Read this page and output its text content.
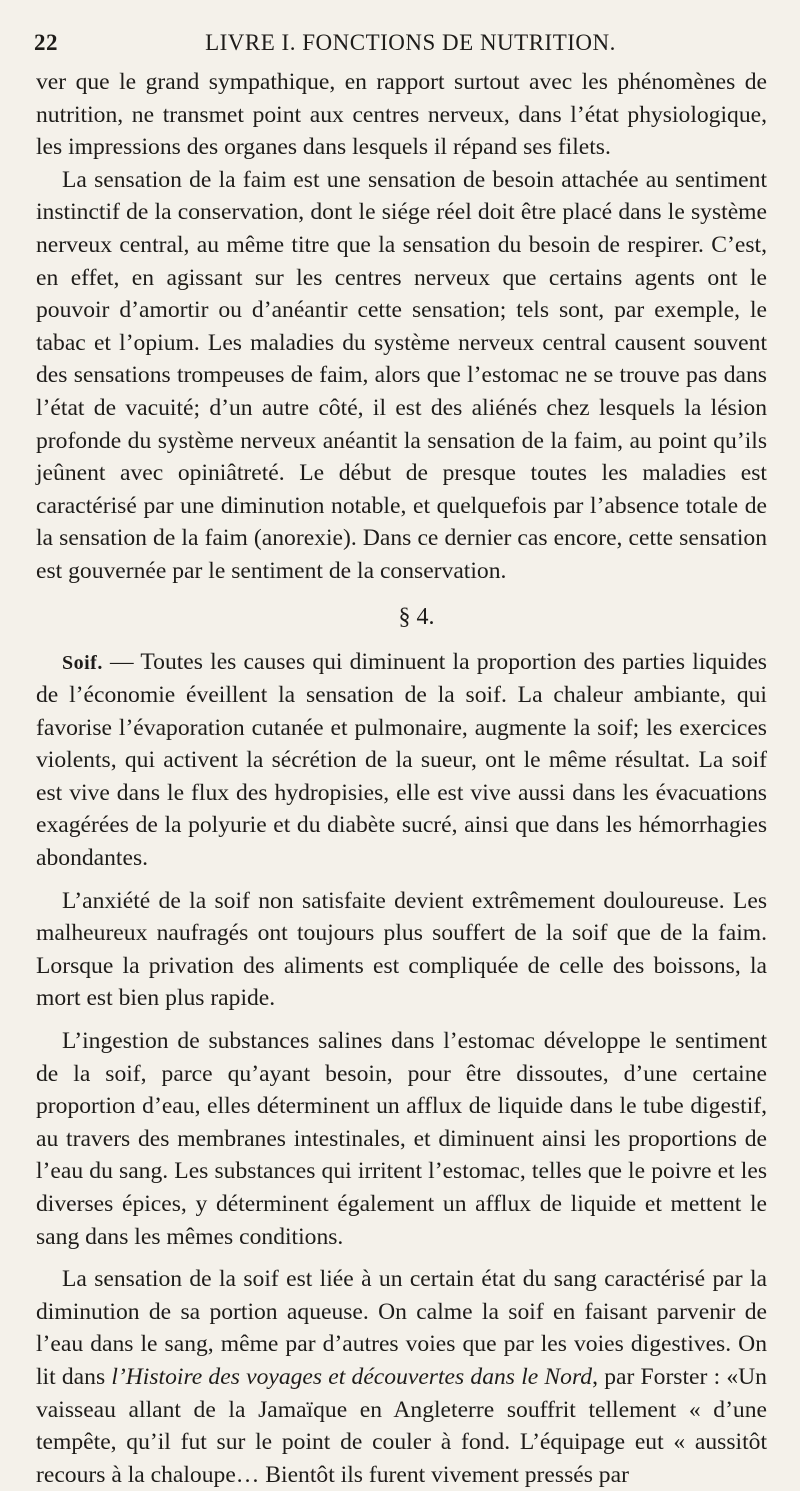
22	LIVRE I. FONCTIONS DE NUTRITION.

ver que le grand sympathique, en rapport surtout avec les phénomènes de nutrition, ne transmet point aux centres nerveux, dans l’état physiologique, les impressions des organes dans lesquels il répand ses filets.

La sensation de la faim est une sensation de besoin attachée au sentiment instinctif de la conservation, dont le siége réel doit être placé dans le système nerveux central, au même titre que la sensation du besoin de respirer. C’est, en effet, en agissant sur les centres nerveux que certains agents ont le pouvoir d’amortir ou d’anéantir cette sensation; tels sont, par exemple, le tabac et l’opium. Les maladies du système nerveux central causent souvent des sensations trompeuses de faim, alors que l’estomac ne se trouve pas dans l’état de vacuité; d’un autre côté, il est des aliénés chez lesquels la lésion profonde du système nerveux anéantit la sensation de la faim, au point qu’ils jeûnent avec opiniâtreté. Le début de presque toutes les maladies est caractérisé par une diminution notable, et quelquefois par l’absence totale de la sensation de la faim (anorexie). Dans ce dernier cas encore, cette sensation est gouvernée par le sentiment de la conservation.

§ 4.

Soif. — Toutes les causes qui diminuent la proportion des parties liquides de l’économie éveillent la sensation de la soif. La chaleur ambiante, qui favorise l’évaporation cutanée et pulmonaire, augmente la soif; les exercices violents, qui activent la sécrétion de la sueur, ont le même résultat. La soif est vive dans le flux des hydropisies, elle est vive aussi dans les évacuations exagérées de la polyurie et du diabète sucré, ainsi que dans les hémorrhagies abondantes.

L’anxiété de la soif non satisfaite devient extrêmement douloureuse. Les malheureux naufragés ont toujours plus souffert de la soif que de la faim. Lorsque la privation des aliments est compliquée de celle des boissons, la mort est bien plus rapide.

L’ingestion de substances salines dans l’estomac développe le sentiment de la soif, parce qu’ayant besoin, pour être dissoutes, d’une certaine proportion d’eau, elles déterminent un afflux de liquide dans le tube digestif, au travers des membranes intestinales, et diminuent ainsi les proportions de l’eau du sang. Les substances qui irritent l’estomac, telles que le poivre et les diverses épices, y déterminent également un afflux de liquide et mettent le sang dans les mêmes conditions.

La sensation de la soif est liée à un certain état du sang caractérisé par la diminution de sa portion aqueuse. On calme la soif en faisant parvenir de l’eau dans le sang, même par d’autres voies que par les voies digestives. On lit dans l’Histoire des voyages et découvertes dans le Nord, par Forster : «Un vaisseau allant de la Jamaïque en Angleterre souffrit tellement « d’une tempête, qu’il fut sur le point de couler à fond. L’équipage eut « aussitôt recours à la chaloupe… Bientôt ils furent vivement pressés par
